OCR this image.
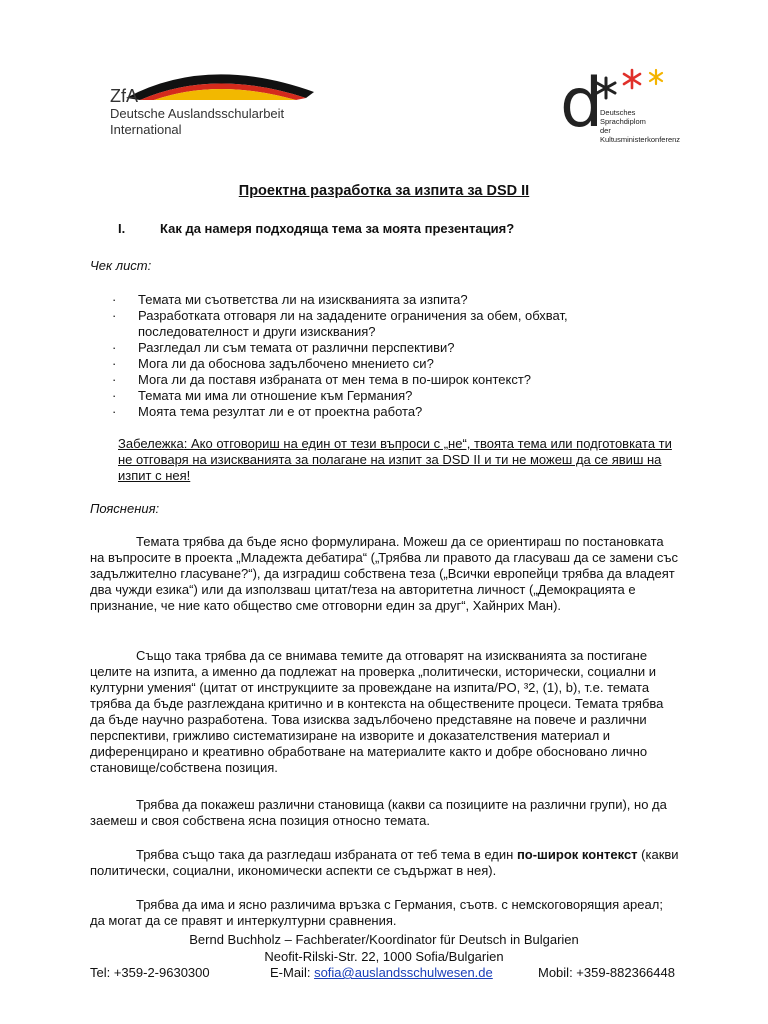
ZfA
Deutsche Auslandsschularbeit
International	d
Deutsches
Sprachdiplom
der Kultusministerkonferenz
Проектна разработка за изпита за DSD II
I.	Как да намеря подходяща тема за моята презентация?
Чек лист:
· Темата ми съответства ли на изискванията за изпита?
· Разработката отговаря ли на зададените ограничения за обем, обхват,
последователност и други изисквания?
· Разгледал ли съм темата от различни перспективи?
· Мога ли да обосновa задълбочено мнението си?
· Мога ли да поставя избраната от мен тема в по-широк контекст?
· Темата ми има ли отношение към Германия?
· Моята тема резултат ли е от проектна работа?
Забележка: Ако отговориш на един от тези въпроси с „не“, твоята тема или подготовката ти не отговаря на изискванията за полагане на изпит за DSD II и ти не можеш да се явиш на изпит с нея!
Пояснения:
Темата трябва да бъде ясно формулирана. Можеш да се ориентираш по постановката на въпросите в проекта „Младежта дебатира“ („Трябва ли правото да гласуваш да се замени със задължително гласуване?“), да изградиш собствена теза („Всички европейци трябва да владеят два чужди езика“) или да използваш цитат/теза на авторитетна личност („Демокрацията е признание, че ние като общество сме отговорни един за друг“, Хайнрих Ман).
Също така трябва да се внимава темите да отговарят на изискванията за постигане целите на изпита, а именно да подлежат на проверка „политически, исторически, социални и културни умения“ (цитат от инструкциите за провеждане на изпита/PO, ³2, (1), b), т.е. темата трябва да бъде разглеждана критично и в контекста на обществените процеси. Темата трябва да бъде научно разработена. Това изисква задълбочено представяне на повече и различни перспективи, грижливо систематизиране на изворите и доказателствения материал и диференцирано и креативно обработване на материалите както и добре обосновано лично становище/собствена позиция.
Трябва да покажеш различни становища (какви са позициите на различни групи), но да заемеш и своя собствена ясна позиция относно темата.
Трябва също така да разгледаш избраната от теб тема в един по-широк контекст (какви политически, социални, икономически аспекти се съдържат в нея).
Трябва да има и ясно различима връзка с Германия, съотв. с немскоговорящия ареал; да могат да се правят и интеркултурни сравнения.
Bernd Buchholz – Fachberater/Koordinator für Deutsch in Bulgarien
Neofit-Rilski-Str. 22, 1000 Sofia/Bulgarien
Tel: +359-2-9630300	E-Mail: sofia@auslandsschulwesen.de	Mobil: +359-882366448
